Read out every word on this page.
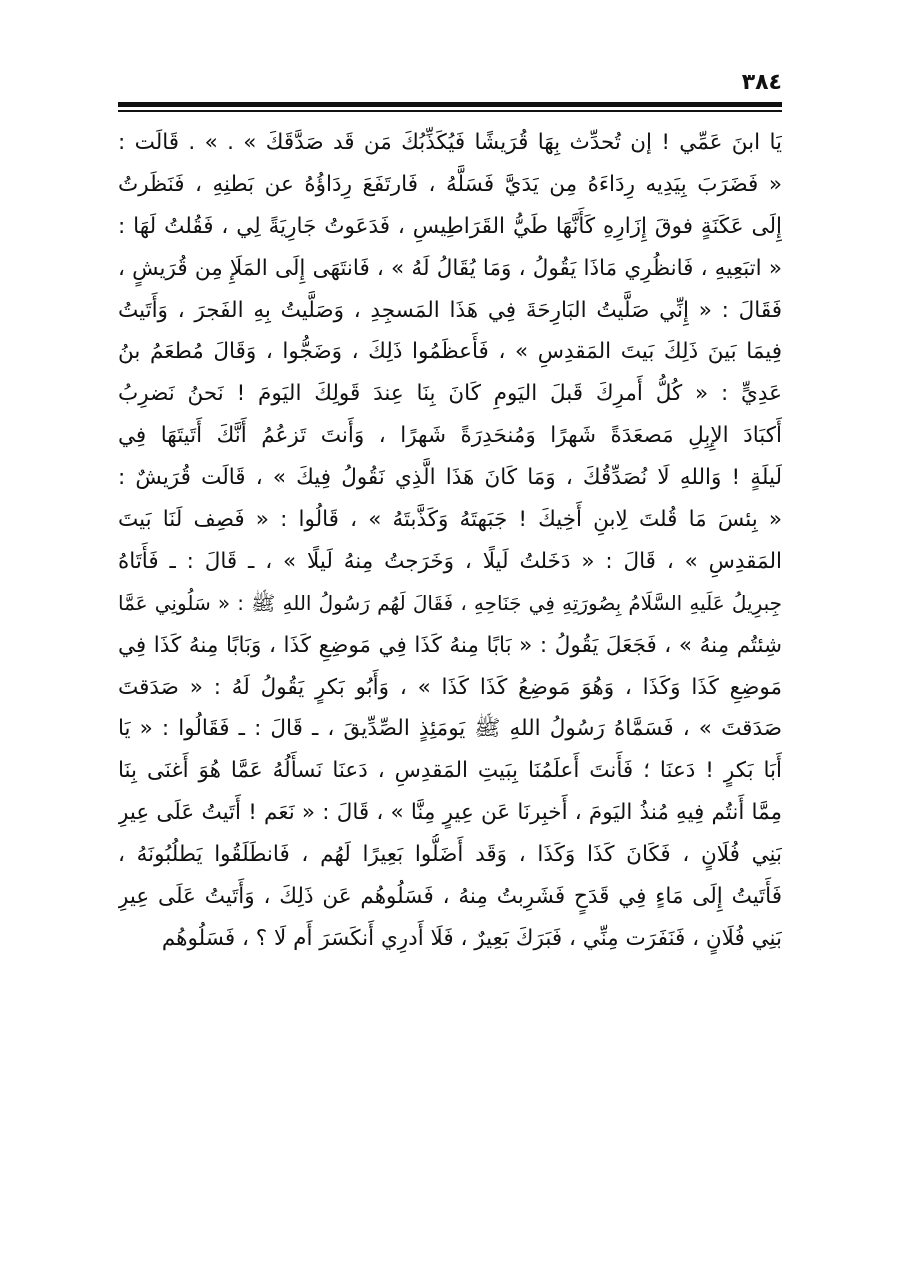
٣٨٤
يَا ابنَ عَمِّي ! إن تُحدِّث بِهَا قُرَيشًا فَيُكَذِّبُكَ مَن قَد صَدَّقَكَ » . » . قَالَت :
« فَضَرَبَ بِيَدِيه رِدَاءَهُ مِن يَدَيَّ فَسَلَّهُ ، فَارتَفَعَ رِدَاؤُهُ عن بَطنِهِ ، فَنَظَرتُ
إِلَى عَكَنَةٍ فوقَ إِزَارِهِ كَأَنَّهَا طَيُّ القَرَاطِيسِ ، فَدَعَوتُ جَارِيَةً لِي ، فَقُلتُ لَهَا :
« اتبَعِيهِ ، فَانظُرِي مَاذَا يَقُولُ ، وَمَا يُقَالُ لَهُ » ، فَانتَهَى إِلَى المَلَإِ مِن قُرَيشٍ ،
فَقَالَ : « إِنِّي صَلَّيتُ البَارِحَةَ فِي هَذَا المَسجِدِ ، وَصَلَّيتُ بِهِ الفَجرَ ، وَأَتَيتُ
فِيمَا بَينَ ذَلِكَ بَيتَ المَقدِسِ » ، فَأَعظَمُوا ذَلِكَ ، وَضَجُّوا ، وَقَالَ مُطعَمُ بنُ
عَدِيٍّ : « كُلُّ أَمرِكَ قَبلَ اليَومِ كَانَ بِنَا عِندَ قَولِكَ اليَومَ ! نَحنُ نَضرِبُ
أَكبَادَ الإِبِلِ مَصعَدَةً شَهرًا وَمُنحَدِرَةً شَهرًا ، وَأَنتَ تَزعُمُ أَنَّكَ أَتَيتَهَا فِي
لَيلَةٍ ! وَاللهِ لَا نُصَدِّقُكَ ، وَمَا كَانَ هَذَا الَّذِي نَقُولُ فِيكَ » ، قَالَت قُرَيشٌ :
« بِئسَ مَا قُلتَ لِابنِ أَخِيكَ ! جَبَهتَهُ وَكَذَّبتَهُ » ، قَالُوا : « فَصِف لَنَا بَيتَ
المَقدِسِ » ، قَالَ : « دَخَلتُ لَيلًا ، وَخَرَجتُ مِنهُ لَيلًا » ، ـ قَالَ : ـ فَأَتَاهُ
جِبرِيلُ عَلَيهِ السَّلَامُ بِصُورَتِهِ فِي جَنَاحِهِ ، فَقَالَ لَهُم رَسُولُ اللهِ ﷺ : « سَلُونِي عَمَّا
شِئتُم مِنهُ » ، فَجَعَلَ يَقُولُ : « بَابًا مِنهُ كَذَا فِي مَوضِعِ كَذَا ، وَبَابًا مِنهُ كَذَا فِي
مَوضِعِ كَذَا وَكَذَا ، وَهُوَ مَوضِعُ كَذَا كَذَا » ، وَأَبُو بَكرٍ يَقُولُ لَهُ : « صَدَقتَ
صَدَقتَ » ، فَسَمَّاهُ رَسُولُ اللهِ ﷺ يَومَئِذٍ الصِّدِّيقَ ، ـ قَالَ : ـ فَقَالُوا : « يَا
أَبَا بَكرٍ ! دَعنَا ؛ فَأَنتَ أَعلَمُنَا بِبَيتِ المَقدِسِ ، دَعنَا نَسأَلُهُ عَمَّا هُوَ أَغنَى بِنَا
مِمَّا أَنتُم فِيهِ مُنذُ اليَومَ ، أَخبِرنَا عَن عِيرٍ مِنَّا » ، قَالَ : « نَعَم ! أَتَيتُ عَلَى عِيرِ
بَنِي فُلَانٍ ، فَكَانَ كَذَا وَكَذَا ، وَقَد أَضَلُّوا بَعِيرًا لَهُم ، فَانطَلَقُوا يَطلُبُونَهُ ،
فَأَتَيتُ إِلَى مَاءٍ فِي قَدَحٍ فَشَرِبتُ مِنهُ ، فَسَلُوهُم عَن ذَلِكَ ، وَأَتَيتُ عَلَى عِيرِ
بَنِي فُلَانٍ ، فَنَفَرَت مِنِّي ، فَبَرَكَ بَعِيرٌ ، فَلَا أَدرِي أَنكَسَرَ أَم لَا ؟ ، فَسَلُوهُم
